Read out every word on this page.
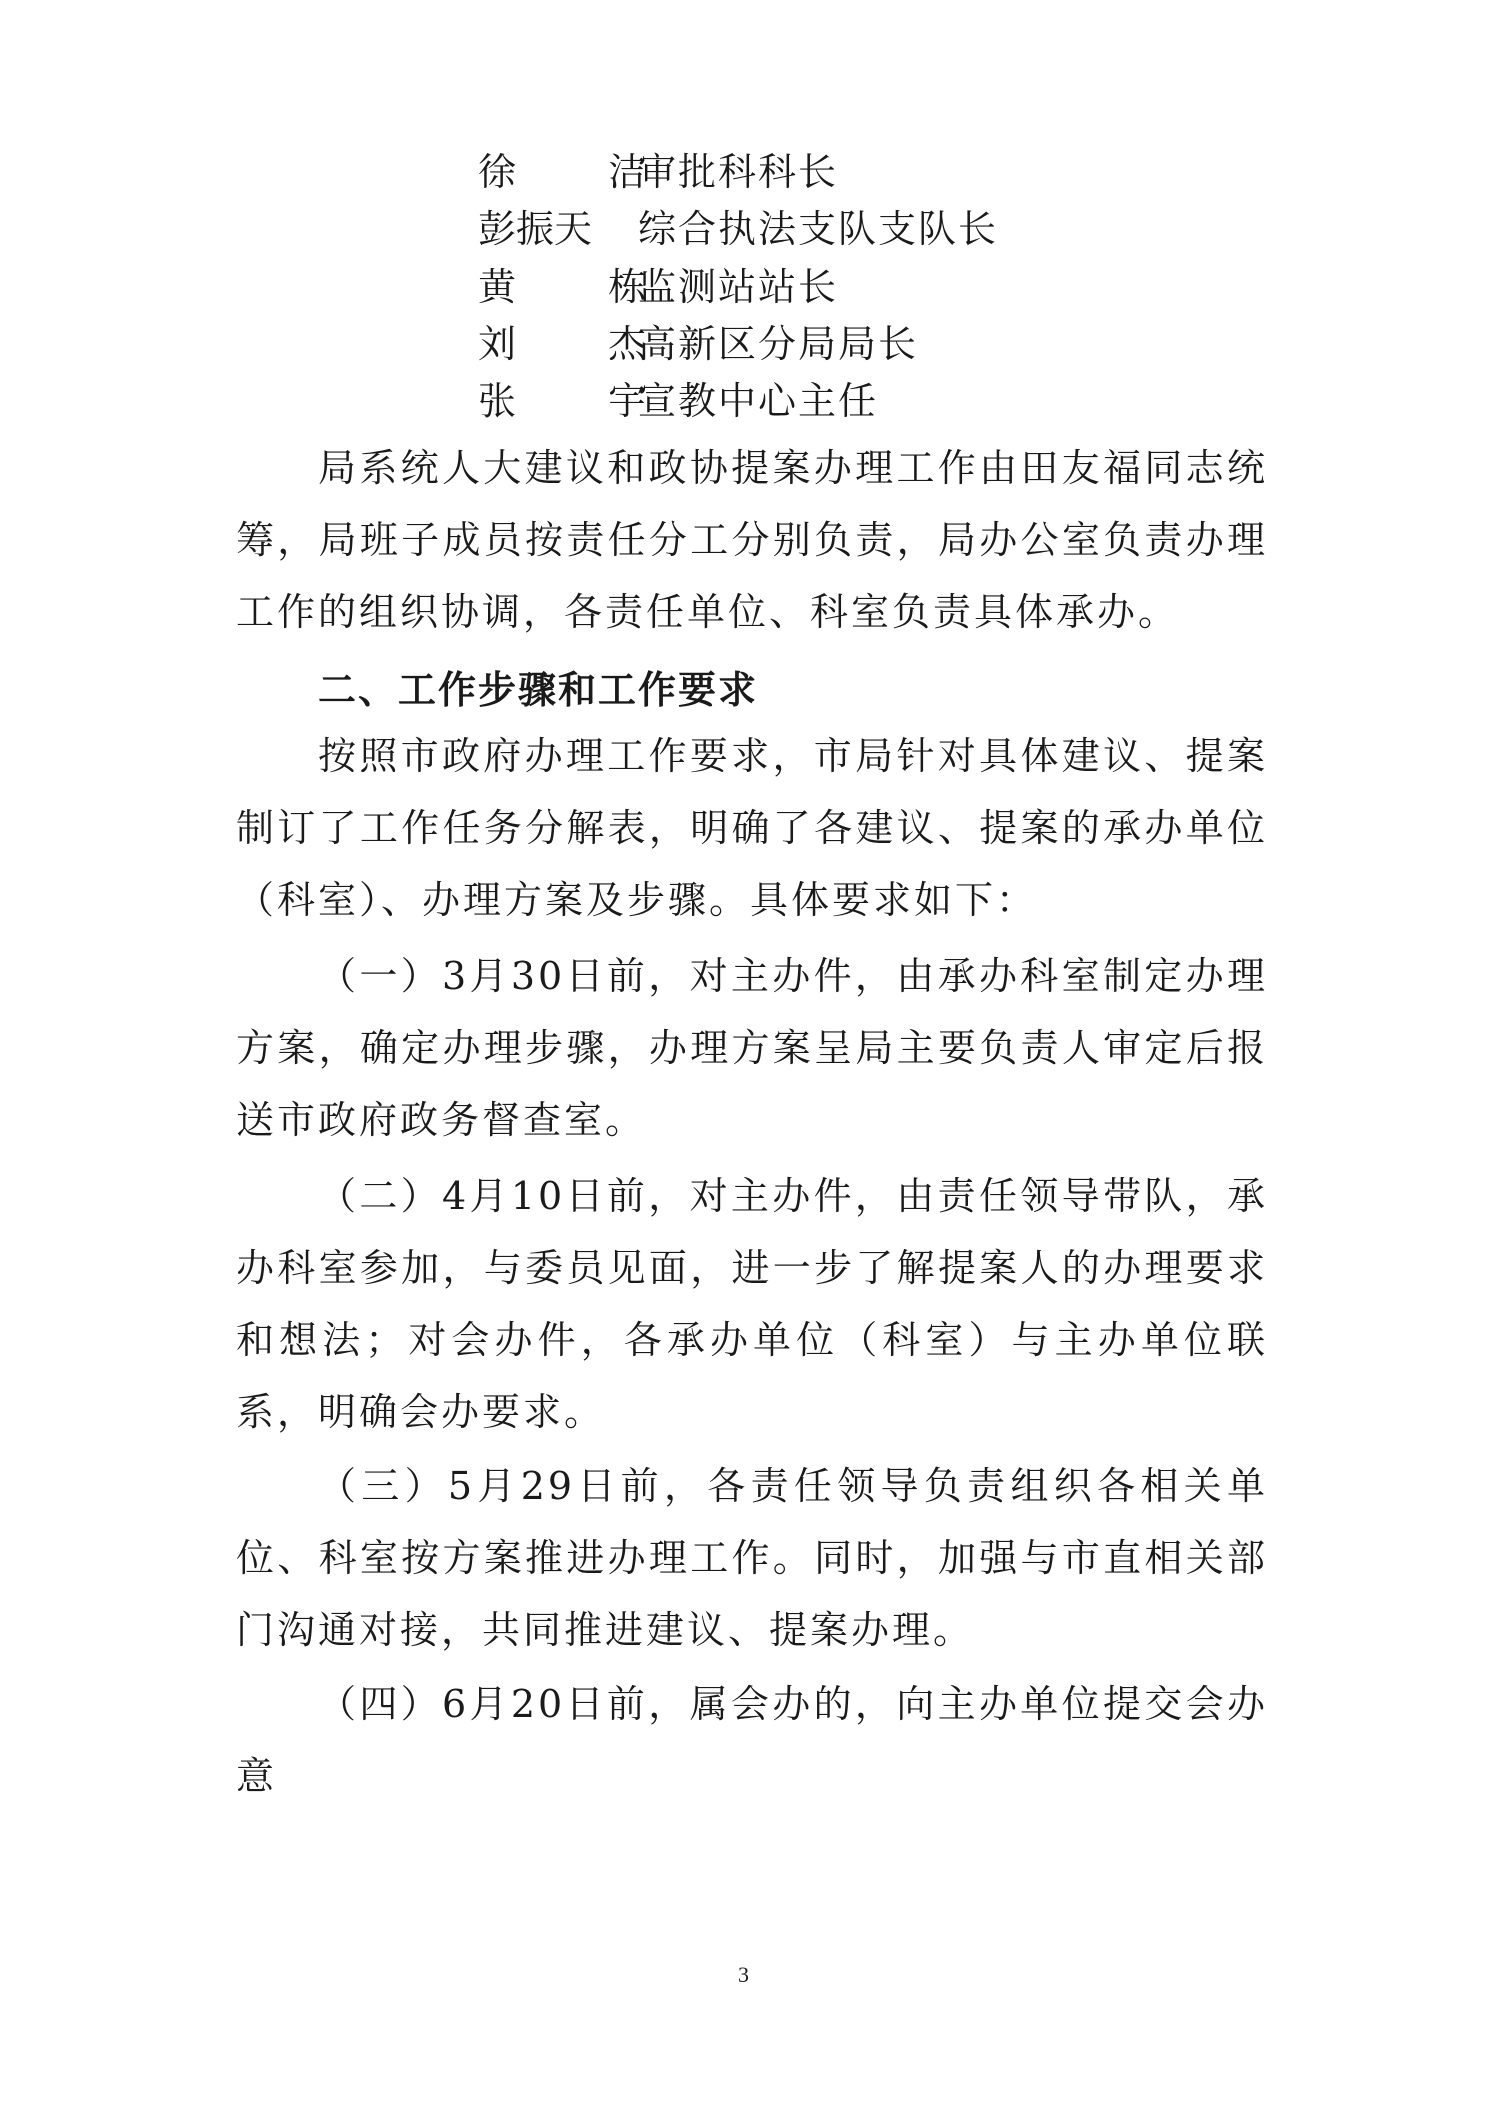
徐 洁审批科科长
彭振天 综合执法支队支队长
黄 栋监测站站长
刘 杰高新区分局局长
张 宇宣教中心主任

局系统人大建议和政协提案办理工作由田友福同志统筹，局班子成员按责任分工分别负责，局办公室负责办理工作的组织协调，各责任单位、科室负责具体承办。

二、工作步骤和工作要求

按照市政府办理工作要求，市局针对具体建议、提案制订了工作任务分解表，明确了各建议、提案的承办单位（科室）、办理方案及步骤。具体要求如下：

（一）3月30日前，对主办件，由承办科室制定办理方案，确定办理步骤，办理方案呈局主要负责人审定后报送市政府政务督查室。

（二）4月10日前，对主办件，由责任领导带队，承办科室参加，与委员见面，进一步了解提案人的办理要求和想法；对会办件，各承办单位（科室）与主办单位联系，明确会办要求。

（三）5月29日前，各责任领导负责组织各相关单位、科室按方案推进办理工作。同时，加强与市直相关部门沟通对接，共同推进建议、提案办理。

（四）6月20日前，属会办的，向主办单位提交会办意

3
